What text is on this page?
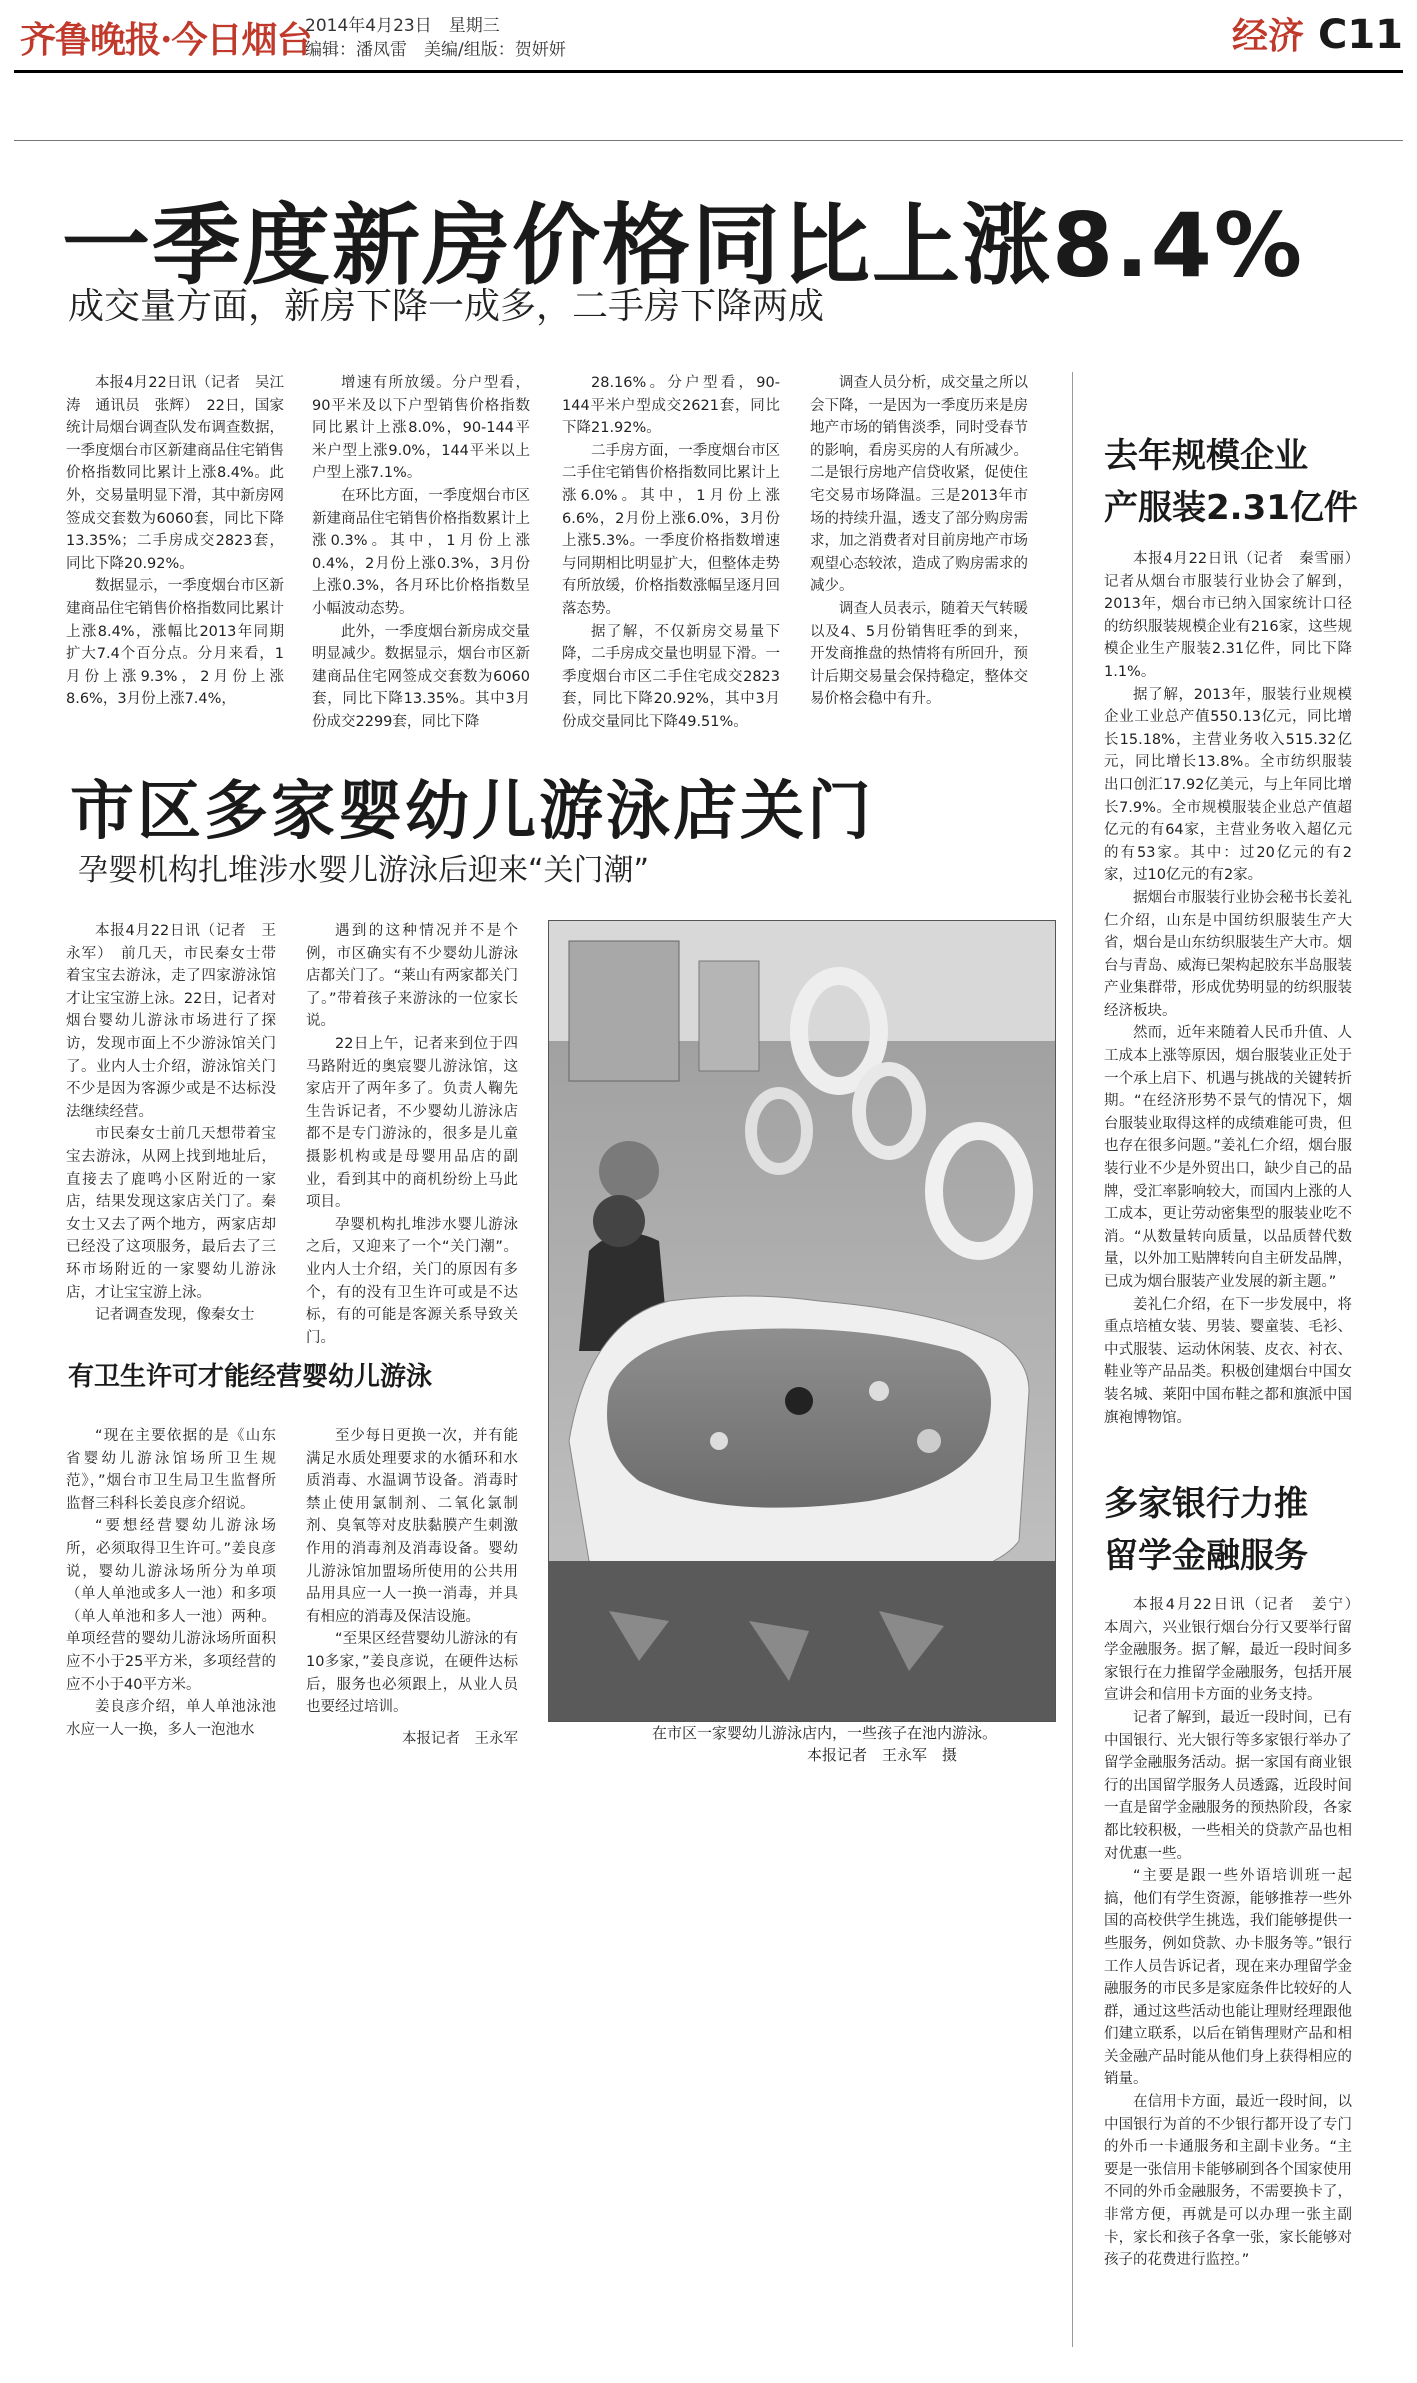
齐鲁晚报·今日烟台
2014年4月23日　星期三
编辑：潘凤雷　美编/组版：贺妍妍	经济 C11
一季度新房价格同比上涨8.4%
成交量方面，新房下降一成多，二手房下降两成

本报4月22日讯（记者　吴江涛　通讯员　张辉）　22日，国家统计局烟台调查队发布调查数据，一季度烟台市区新建商品住宅销售价格指数同比累计上涨8.4%。此外，交易量明显下滑，其中新房网签成交套数为6060套，同比下降13.35%；二手房成交2823套，同比下降20.92%。

数据显示，一季度烟台市区新建商品住宅销售价格指数同比累计上涨8.4%，涨幅比2013年同期扩大7.4个百分点。分月来看，1月份上涨9.3%，2月份上涨8.6%，3月份上涨7.4%，

增速有所放缓。分户型看，90平米及以下户型销售价格指数同比累计上涨8.0%，90-144平米户型上涨9.0%，144平米以上户型上涨7.1%。

在环比方面，一季度烟台市区新建商品住宅销售价格指数累计上涨0.3%。其中，1月份上涨0.4%，2月份上涨0.3%，3月份上涨0.3%，各月环比价格指数呈小幅波动态势。

此外，一季度烟台新房成交量明显减少。数据显示，烟台市区新建商品住宅网签成交套数为6060套，同比下降13.35%。其中3月份成交2299套，同比下降

28.16%。分户型看，90-144平米户型成交2621套，同比下降21.92%。

二手房方面，一季度烟台市区二手住宅销售价格指数同比累计上涨6.0%。其中，1月份上涨6.6%，2月份上涨6.0%，3月份上涨5.3%。一季度价格指数增速与同期相比明显扩大，但整体走势有所放缓，价格指数涨幅呈逐月回落态势。

据了解，不仅新房交易量下降，二手房成交量也明显下滑。一季度烟台市区二手住宅成交2823套，同比下降20.92%，其中3月份成交量同比下降49.51%。

调查人员分析，成交量之所以会下降，一是因为一季度历来是房地产市场的销售淡季，同时受春节的影响，看房买房的人有所减少。二是银行房地产信贷收紧，促使住宅交易市场降温。三是2013年市场的持续升温，透支了部分购房需求，加之消费者对目前房地产市场观望心态较浓，造成了购房需求的减少。

调查人员表示，随着天气转暖以及4、5月份销售旺季的到来，开发商推盘的热情将有所回升，预计后期交易量会保持稳定，整体交易价格会稳中有升。

去年规模企业
产服装2.31亿件

本报4月22日讯（记者　秦雪丽）　记者从烟台市服装行业协会了解到，2013年，烟台市已纳入国家统计口径的纺织服装规模企业有216家，这些规模企业生产服装2.31亿件，同比下降1.1%。

据了解，2013年，服装行业规模企业工业总产值550.13亿元，同比增长15.18%，主营业务收入515.32亿元，同比增长13.8%。全市纺织服装出口创汇17.92亿美元，与上年同比增长7.9%。全市规模服装企业总产值超亿元的有64家，主营业务收入超亿元的有53家。其中：过20亿元的有2家，过10亿元的有2家。

据烟台市服装行业协会秘书长姜礼仁介绍，山东是中国纺织服装生产大省，烟台是山东纺织服装生产大市。烟台与青岛、威海已架构起胶东半岛服装产业集群带，形成优势明显的纺织服装经济板块。

然而，近年来随着人民币升值、人工成本上涨等原因，烟台服装业正处于一个承上启下、机遇与挑战的关键转折期。“在经济形势不景气的情况下，烟台服装业取得这样的成绩难能可贵，但也存在很多问题。”姜礼仁介绍，烟台服装行业不少是外贸出口，缺少自己的品牌，受汇率影响较大，而国内上涨的人工成本，更让劳动密集型的服装业吃不消。“从数量转向质量，以品质替代数量，以外加工贴牌转向自主研发品牌，已成为烟台服装产业发展的新主题。”

姜礼仁介绍，在下一步发展中，将重点培植女装、男装、婴童装、毛衫、中式服装、运动休闲装、皮衣、衬衣、鞋业等产品品类。积极创建烟台中国女装名城、莱阳中国布鞋之都和旗派中国旗袍博物馆。

多家银行力推
留学金融服务

本报4月22日讯（记者　姜宁）　本周六，兴业银行烟台分行又要举行留学金融服务。据了解，最近一段时间多家银行在力推留学金融服务，包括开展宣讲会和信用卡方面的业务支持。

记者了解到，最近一段时间，已有中国银行、光大银行等多家银行举办了留学金融服务活动。据一家国有商业银行的出国留学服务人员透露，近段时间一直是留学金融服务的预热阶段，各家都比较积极，一些相关的贷款产品也相对优惠一些。

“主要是跟一些外语培训班一起搞，他们有学生资源，能够推荐一些外国的高校供学生挑选，我们能够提供一些服务，例如贷款、办卡服务等。”银行工作人员告诉记者，现在来办理留学金融服务的市民多是家庭条件比较好的人群，通过这些活动也能让理财经理跟他们建立联系，以后在销售理财产品和相关金融产品时能从他们身上获得相应的销量。

在信用卡方面，最近一段时间，以中国银行为首的不少银行都开设了专门的外币一卡通服务和主副卡业务。“主要是一张信用卡能够刷到各个国家使用不同的外币金融服务，不需要换卡了，非常方便，再就是可以办理一张主副卡，家长和孩子各拿一张，家长能够对孩子的花费进行监控。”

市区多家婴幼儿游泳店关门
孕婴机构扎堆涉水婴儿游泳后迎来“关门潮”

本报4月22日讯（记者　王永军）　前几天，市民秦女士带着宝宝去游泳，走了四家游泳馆才让宝宝游上泳。22日，记者对烟台婴幼儿游泳市场进行了探访，发现市面上不少游泳馆关门了。业内人士介绍，游泳馆关门不少是因为客源少或是不达标没法继续经营。

市民秦女士前几天想带着宝宝去游泳，从网上找到地址后，直接去了鹿鸣小区附近的一家店，结果发现这家店关门了。秦女士又去了两个地方，两家店却已经没了这项服务，最后去了三环市场附近的一家婴幼儿游泳店，才让宝宝游上泳。

记者调查发现，像秦女士

遇到的这种情况并不是个例，市区确实有不少婴幼儿游泳店都关门了。“莱山有两家都关门了。”带着孩子来游泳的一位家长说。

22日上午，记者来到位于四马路附近的奥宸婴儿游泳馆，这家店开了两年多了。负责人鞠先生告诉记者，不少婴幼儿游泳店都不是专门游泳的，很多是儿童摄影机构或是母婴用品店的副业，看到其中的商机纷纷上马此项目。

孕婴机构扎堆涉水婴儿游泳之后，又迎来了一个“关门潮”。业内人士介绍，关门的原因有多个，有的没有卫生许可或是不达标，有的可能是客源关系导致关门。

有卫生许可才能经营婴幼儿游泳

“现在主要依据的是《山东省婴幼儿游泳馆场所卫生规范》，”烟台市卫生局卫生监督所监督三科科长姜良彦介绍说。

“要想经营婴幼儿游泳场所，必须取得卫生许可。”姜良彦说，婴幼儿游泳场所分为单项（单人单池或多人一池）和多项（单人单池和多人一池）两种。单项经营的婴幼儿游泳场所面积应不小于25平方米，多项经营的应不小于40平方米。

姜良彦介绍，单人单池泳池水应一人一换，多人一泡池水

至少每日更换一次，并有能满足水质处理要求的水循环和水质消毒、水温调节设备。消毒时禁止使用氯制剂、二氧化氯制剂、臭氧等对皮肤黏膜产生刺激作用的消毒剂及消毒设备。婴幼儿游泳馆加盟场所使用的公共用品用具应一人一换一消毒，并具有相应的消毒及保洁设施。

“至果区经营婴幼儿游泳的有10多家，”姜良彦说，在硬件达标后，服务也必须跟上，从业人员也要经过培训。

本报记者　王永军	在市区一家婴幼儿游泳店内，一些孩子在池内游泳。
本报记者　王永军　摄
